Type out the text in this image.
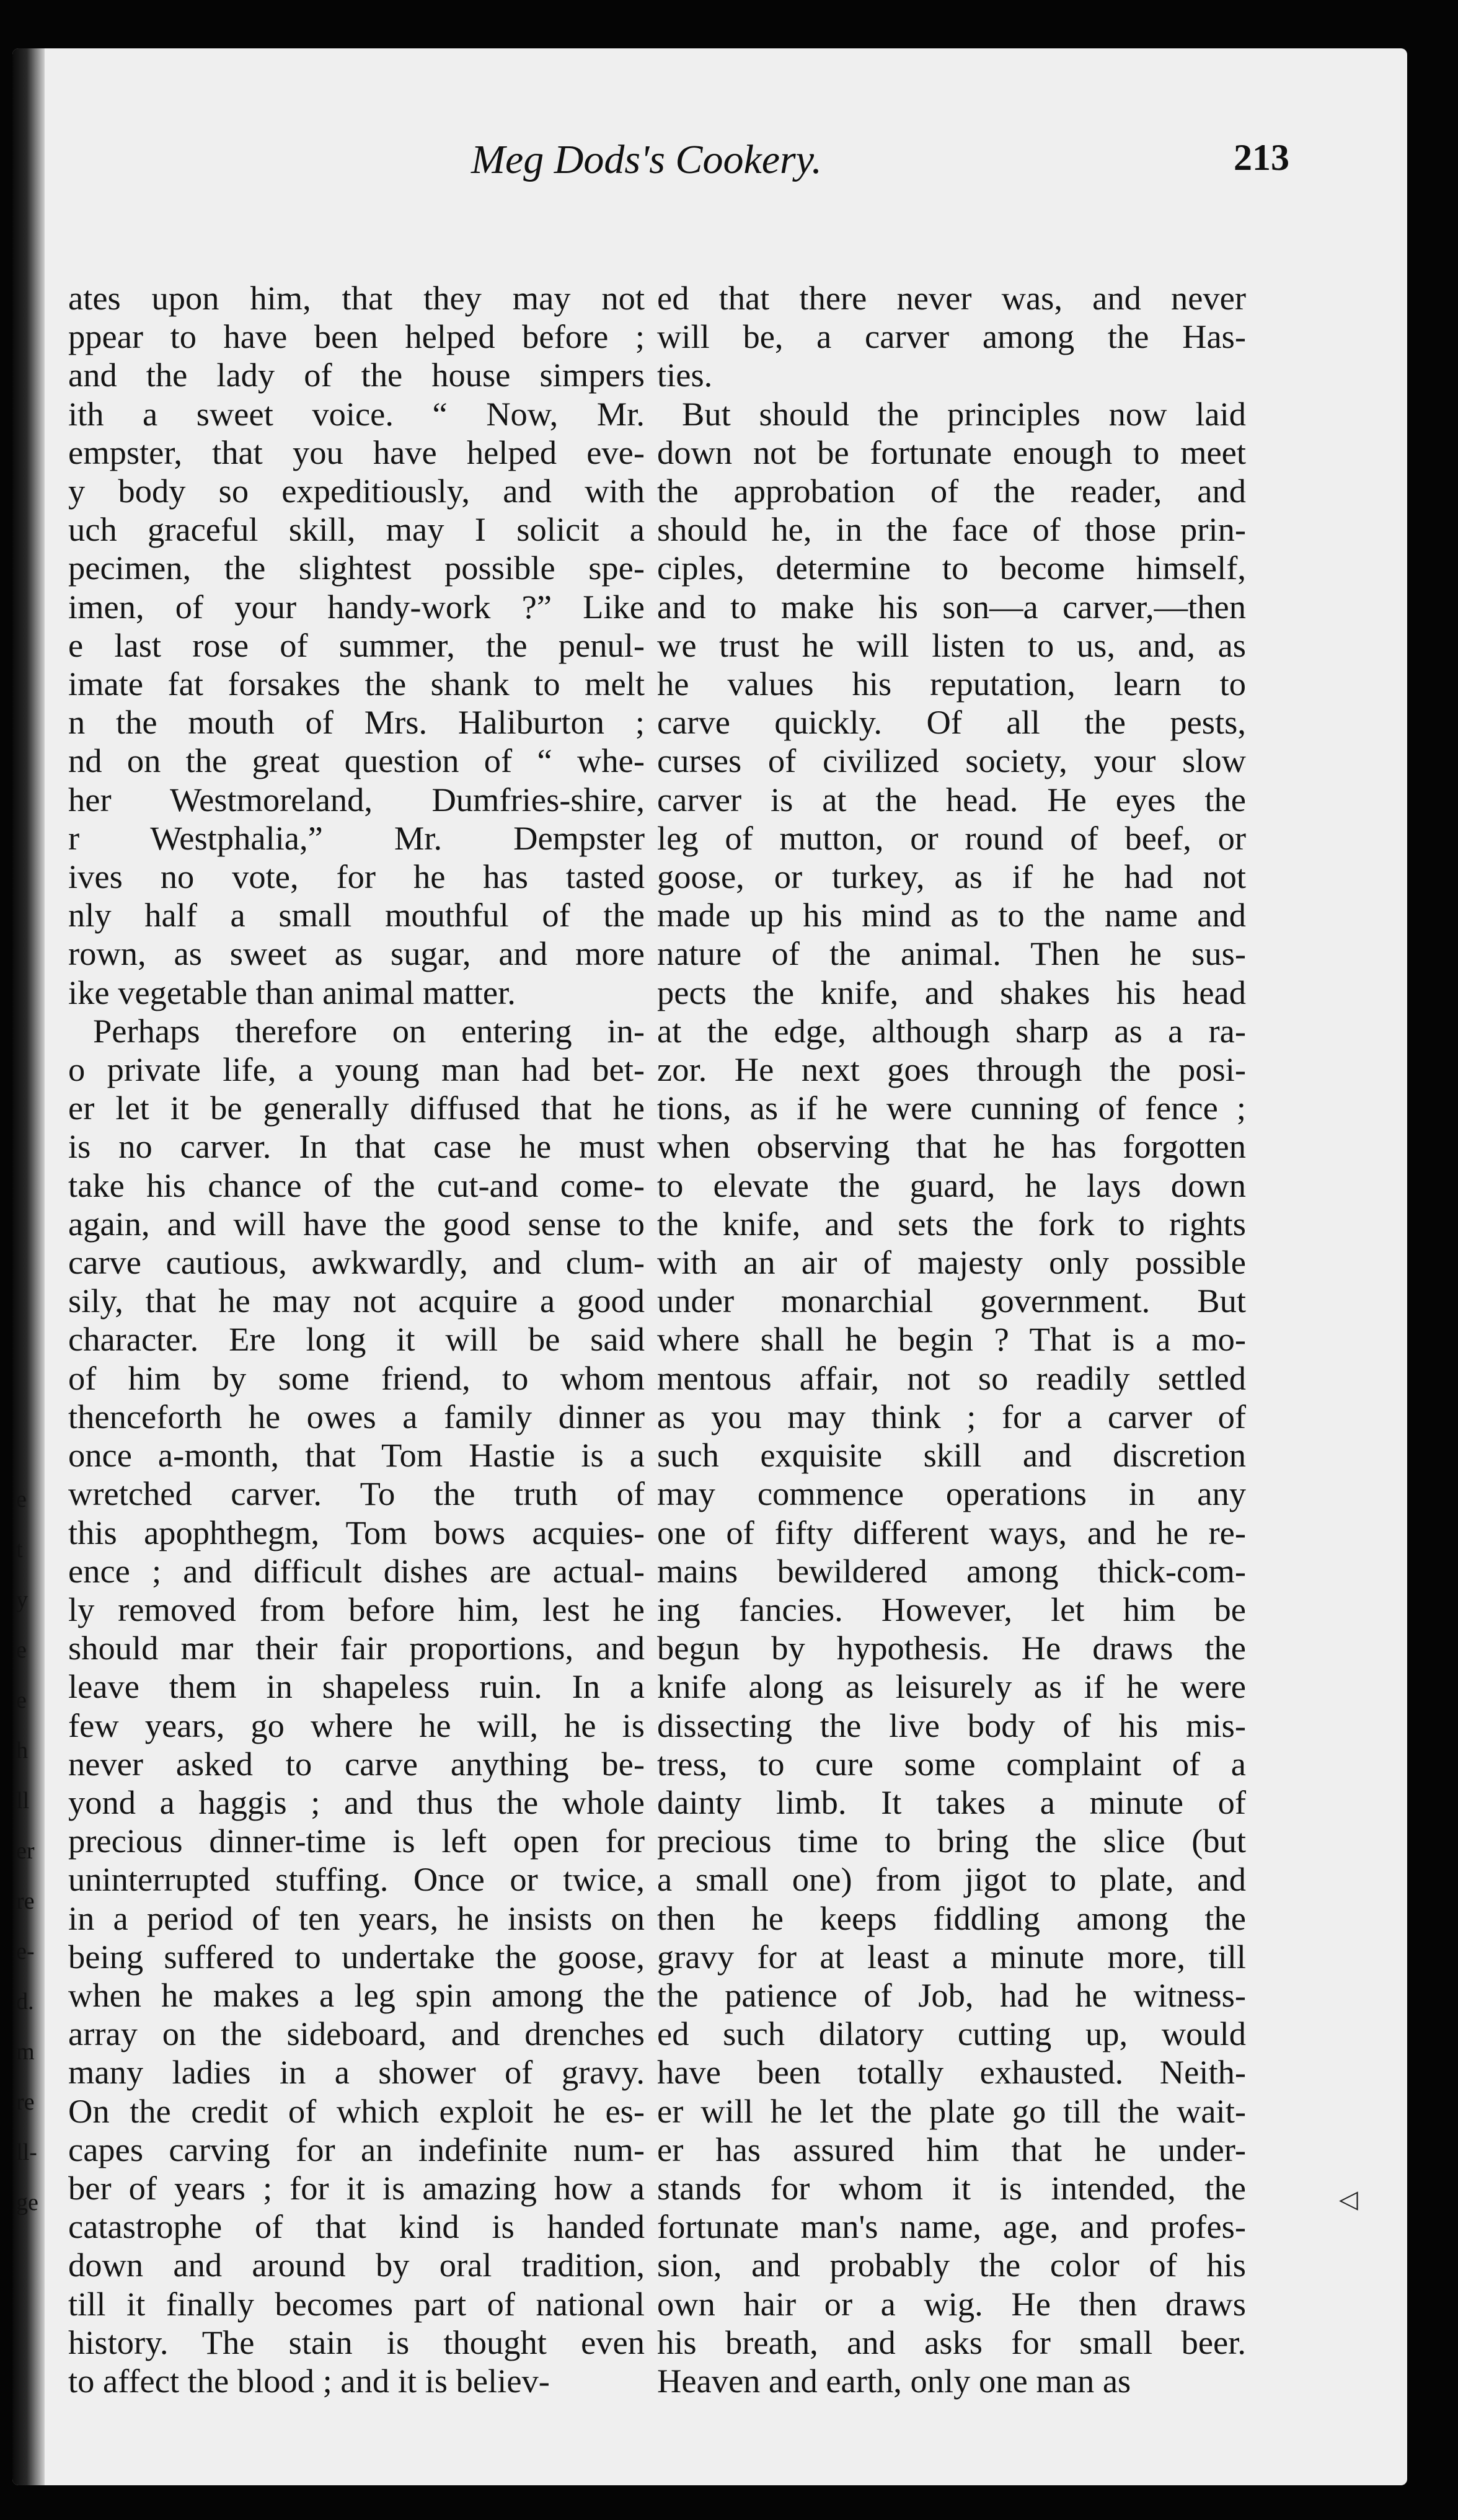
e
t
y
e
e
h
ll
er
re
e-
d.
m
re
ll-
ge
Meg Dods's Cookery.	213
ates upon him, that they may not
ppear to have been helped before ;
and the lady of the house simpers
ith a sweet voice. “ Now, Mr.
empster, that you have helped eve-
y body so expeditiously, and with
uch graceful skill, may I solicit a
pecimen, the slightest possible spe-
imen, of your handy-work ?” Like
e last rose of summer, the penul-
imate fat forsakes the shank to melt
n the mouth of Mrs. Haliburton ;
nd on the great question of “ whe-
her Westmoreland, Dumfries-shire,
r Westphalia,” Mr. Dempster
ives no vote, for he has tasted
nly half a small mouthful of the
rown, as sweet as sugar, and more
ike vegetable than animal matter.
Perhaps therefore on entering in-
o private life, a young man had bet-
er let it be generally diffused that he
is no carver. In that case he must
take his chance of the cut-and come-
again, and will have the good sense to
carve cautious, awkwardly, and clum-
sily, that he may not acquire a good
character. Ere long it will be said
of him by some friend, to whom
thenceforth he owes a family dinner
once a-month, that Tom Hastie is a
wretched carver. To the truth of
this apophthegm, Tom bows acquies-
ence ; and difficult dishes are actual-
ly removed from before him, lest he
should mar their fair proportions, and
leave them in shapeless ruin. In a
few years, go where he will, he is
never asked to carve anything be-
yond a haggis ; and thus the whole
precious dinner-time is left open for
uninterrupted stuffing. Once or twice,
in a period of ten years, he insists on
being suffered to undertake the goose,
when he makes a leg spin among the
array on the sideboard, and drenches
many ladies in a shower of gravy.
On the credit of which exploit he es-
capes carving for an indefinite num-
ber of years ; for it is amazing how a
catastrophe of that kind is handed
down and around by oral tradition,
till it finally becomes part of national
history. The stain is thought even
to affect the blood ; and it is believ-
ed that there never was, and never
will be, a carver among the Has-
ties.
But should the principles now laid
down not be fortunate enough to meet
the approbation of the reader, and
should he, in the face of those prin-
ciples, determine to become himself,
and to make his son—a carver,—then
we trust he will listen to us, and, as
he values his reputation, learn to
carve quickly. Of all the pests,
curses of civilized society, your slow
carver is at the head. He eyes the
leg of mutton, or round of beef, or
goose, or turkey, as if he had not
made up his mind as to the name and
nature of the animal. Then he sus-
pects the knife, and shakes his head
at the edge, although sharp as a ra-
zor. He next goes through the posi-
tions, as if he were cunning of fence ;
when observing that he has forgotten
to elevate the guard, he lays down
the knife, and sets the fork to rights
with an air of majesty only possible
under monarchial government. But
where shall he begin ? That is a mo-
mentous affair, not so readily settled
as you may think ; for a carver of
such exquisite skill and discretion
may commence operations in any
one of fifty different ways, and he re-
mains bewildered among thick-com-
ing fancies. However, let him be
begun by hypothesis. He draws the
knife along as leisurely as if he were
dissecting the live body of his mis-
tress, to cure some complaint of a
dainty limb. It takes a minute of
precious time to bring the slice (but
a small one) from jigot to plate, and
then he keeps fiddling among the
gravy for at least a minute more, till
the patience of Job, had he witness-
ed such dilatory cutting up, would
have been totally exhausted. Neith-
er will he let the plate go till the wait-
er has assured him that he under-
stands for whom it is intended, the
fortunate man's name, age, and profes-
sion, and probably the color of his
own hair or a wig. He then draws
his breath, and asks for small beer.
Heaven and earth, only one man as
◁
